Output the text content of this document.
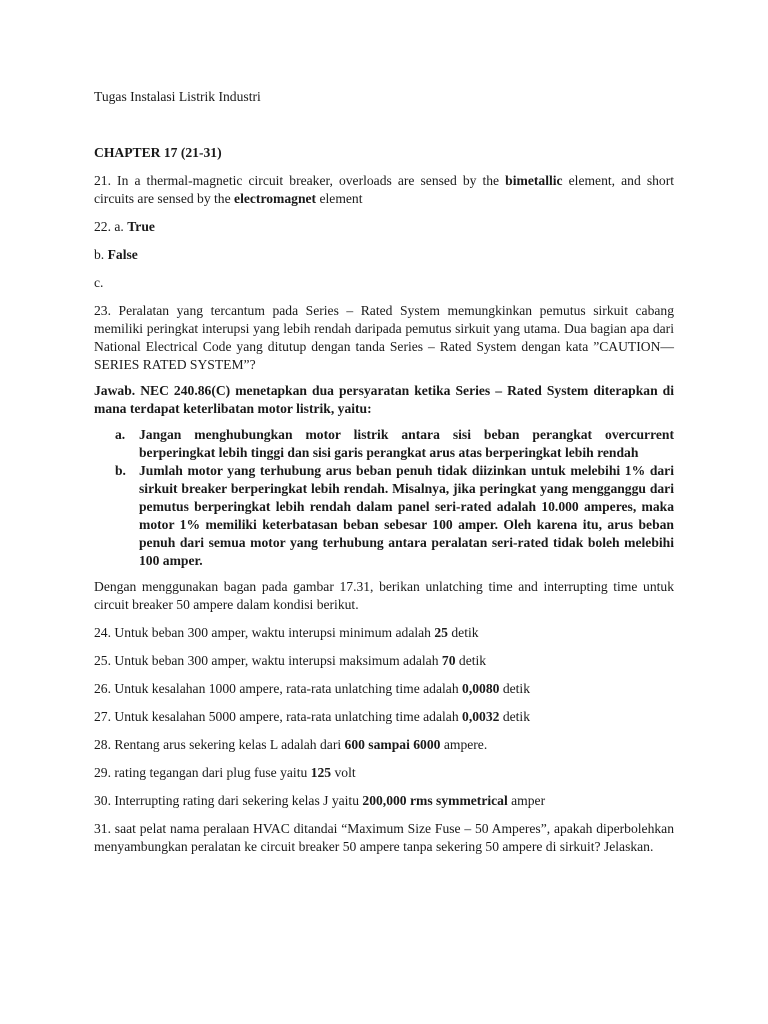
Tugas Instalasi Listrik Industri

CHAPTER 17 (21-31)

21. In a thermal-magnetic circuit breaker, overloads are sensed by the bimetallic element, and short circuits are sensed by the electromagnet element

22. a. True

b. False

c.

23. Peralatan yang tercantum pada Series – Rated System memungkinkan pemutus sirkuit cabang memiliki peringkat interupsi yang lebih rendah daripada pemutus sirkuit yang utama. Dua bagian apa dari National Electrical Code yang ditutup dengan tanda Series – Rated System dengan kata ”CAUTION—SERIES RATED SYSTEM”?

Jawab. NEC 240.86(C) menetapkan dua persyaratan ketika Series – Rated System diterapkan di mana terdapat keterlibatan motor listrik, yaitu:

a. Jangan menghubungkan motor listrik antara sisi beban perangkat overcurrent berperingkat lebih tinggi dan sisi garis perangkat arus atas berperingkat lebih rendah
b. Jumlah motor yang terhubung arus beban penuh tidak diizinkan untuk melebihi 1% dari sirkuit breaker berperingkat lebih rendah. Misalnya, jika peringkat yang mengganggu dari pemutus berperingkat lebih rendah dalam panel seri-rated adalah 10.000 amperes, maka motor 1% memiliki keterbatasan beban sebesar 100 amper. Oleh karena itu, arus beban penuh dari semua motor yang terhubung antara peralatan seri-rated tidak boleh melebihi 100 amper.

Dengan menggunakan bagan pada gambar 17.31, berikan unlatching time and interrupting time untuk circuit breaker 50 ampere dalam kondisi berikut.

24. Untuk beban 300 amper, waktu interupsi minimum adalah 25 detik

25. Untuk beban 300 amper, waktu interupsi maksimum adalah 70 detik

26. Untuk kesalahan 1000 ampere, rata-rata unlatching time adalah 0,0080 detik

27. Untuk kesalahan 5000 ampere, rata-rata unlatching time adalah 0,0032 detik

28. Rentang arus sekering kelas L adalah dari 600 sampai 6000 ampere.

29. rating tegangan dari plug fuse yaitu 125 volt

30. Interrupting rating dari sekering kelas J yaitu 200,000 rms symmetrical amper

31. saat pelat nama peralaan HVAC ditandai “Maximum Size Fuse – 50 Amperes”, apakah diperbolehkan menyambungkan peralatan ke circuit breaker 50 ampere tanpa sekering 50 ampere di sirkuit? Jelaskan.
